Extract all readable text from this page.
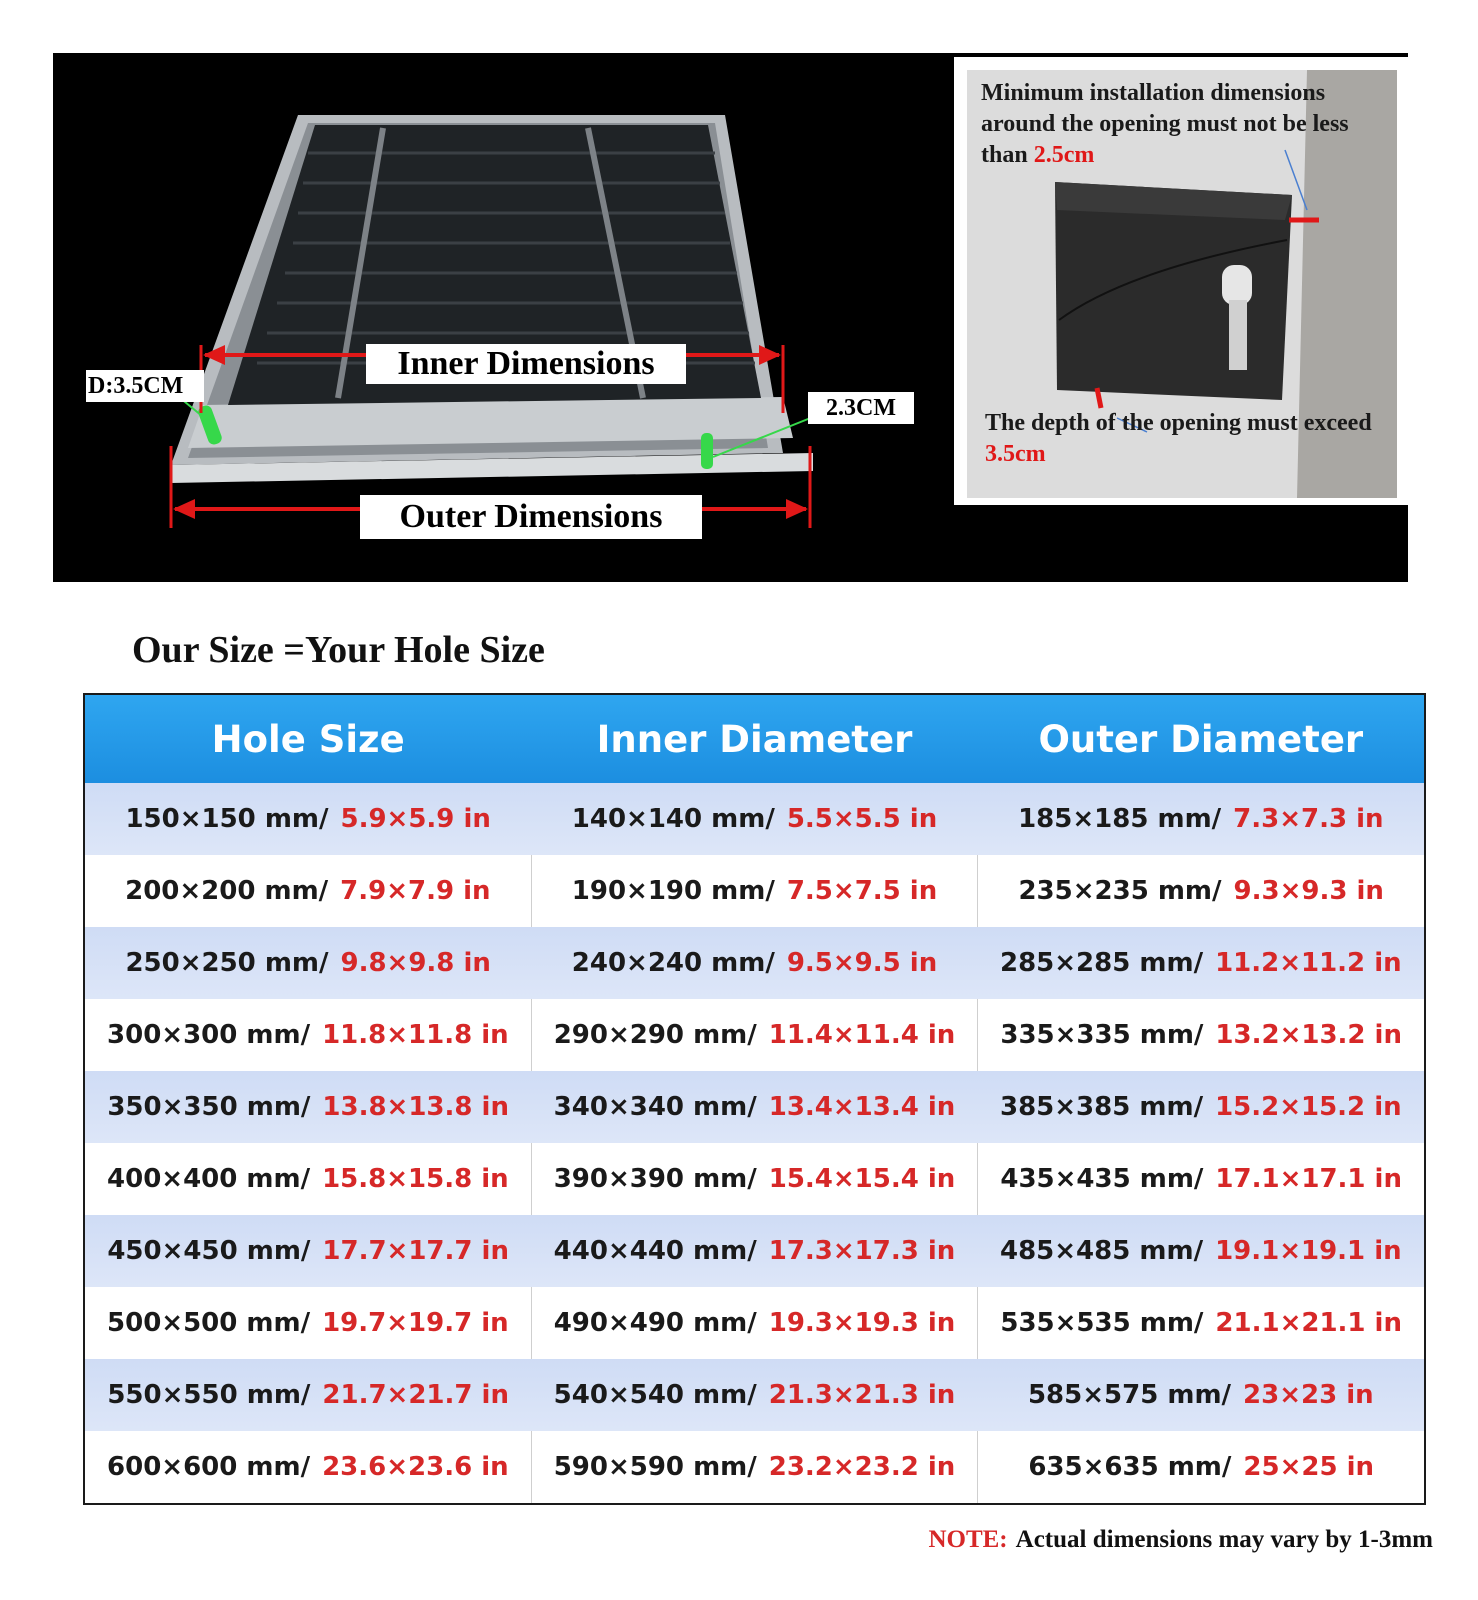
Inner Dimensions
Outer Dimensions
D:3.5CM
2.3CM
Minimum installation dimensions around the opening must not be less than 2.5cm
The depth of the opening must exceed 3.5cm
Our Size =Your Hole Size
Hole Size	Inner Diameter	Outer Diameter
150×150 mm/ 5.9×5.9 in	140×140 mm/ 5.5×5.5 in	185×185 mm/ 7.3×7.3 in
200×200 mm/ 7.9×7.9 in	190×190 mm/ 7.5×7.5 in	235×235 mm/ 9.3×9.3 in
250×250 mm/ 9.8×9.8 in	240×240 mm/ 9.5×9.5 in 285×285 mm/ 11.2×11.2 in
300×300 mm/ 11.8×11.8 in 290×290 mm/ 11.4×11.4 in 335×335 mm/ 13.2×13.2 in
350×350 mm/ 13.8×13.8 in 340×340 mm/ 13.4×13.4 in 385×385 mm/ 15.2×15.2 in
400×400 mm/ 15.8×15.8 in 390×390 mm/ 15.4×15.4 in 435×435 mm/ 17.1×17.1 in
450×450 mm/ 17.7×17.7 in 440×440 mm/ 17.3×17.3 in 485×485 mm/ 19.1×19.1 in
500×500 mm/ 19.7×19.7 in 490×490 mm/ 19.3×19.3 in 535×535 mm/ 21.1×21.1 in
550×550 mm/ 21.7×21.7 in 540×540 mm/ 21.3×21.3 in	585×575 mm/ 23×23 in
600×600 mm/ 23.6×23.6 in 590×590 mm/ 23.2×23.2 in	635×635 mm/ 25×25 in
NOTE: Actual dimensions may vary by 1-3mm
